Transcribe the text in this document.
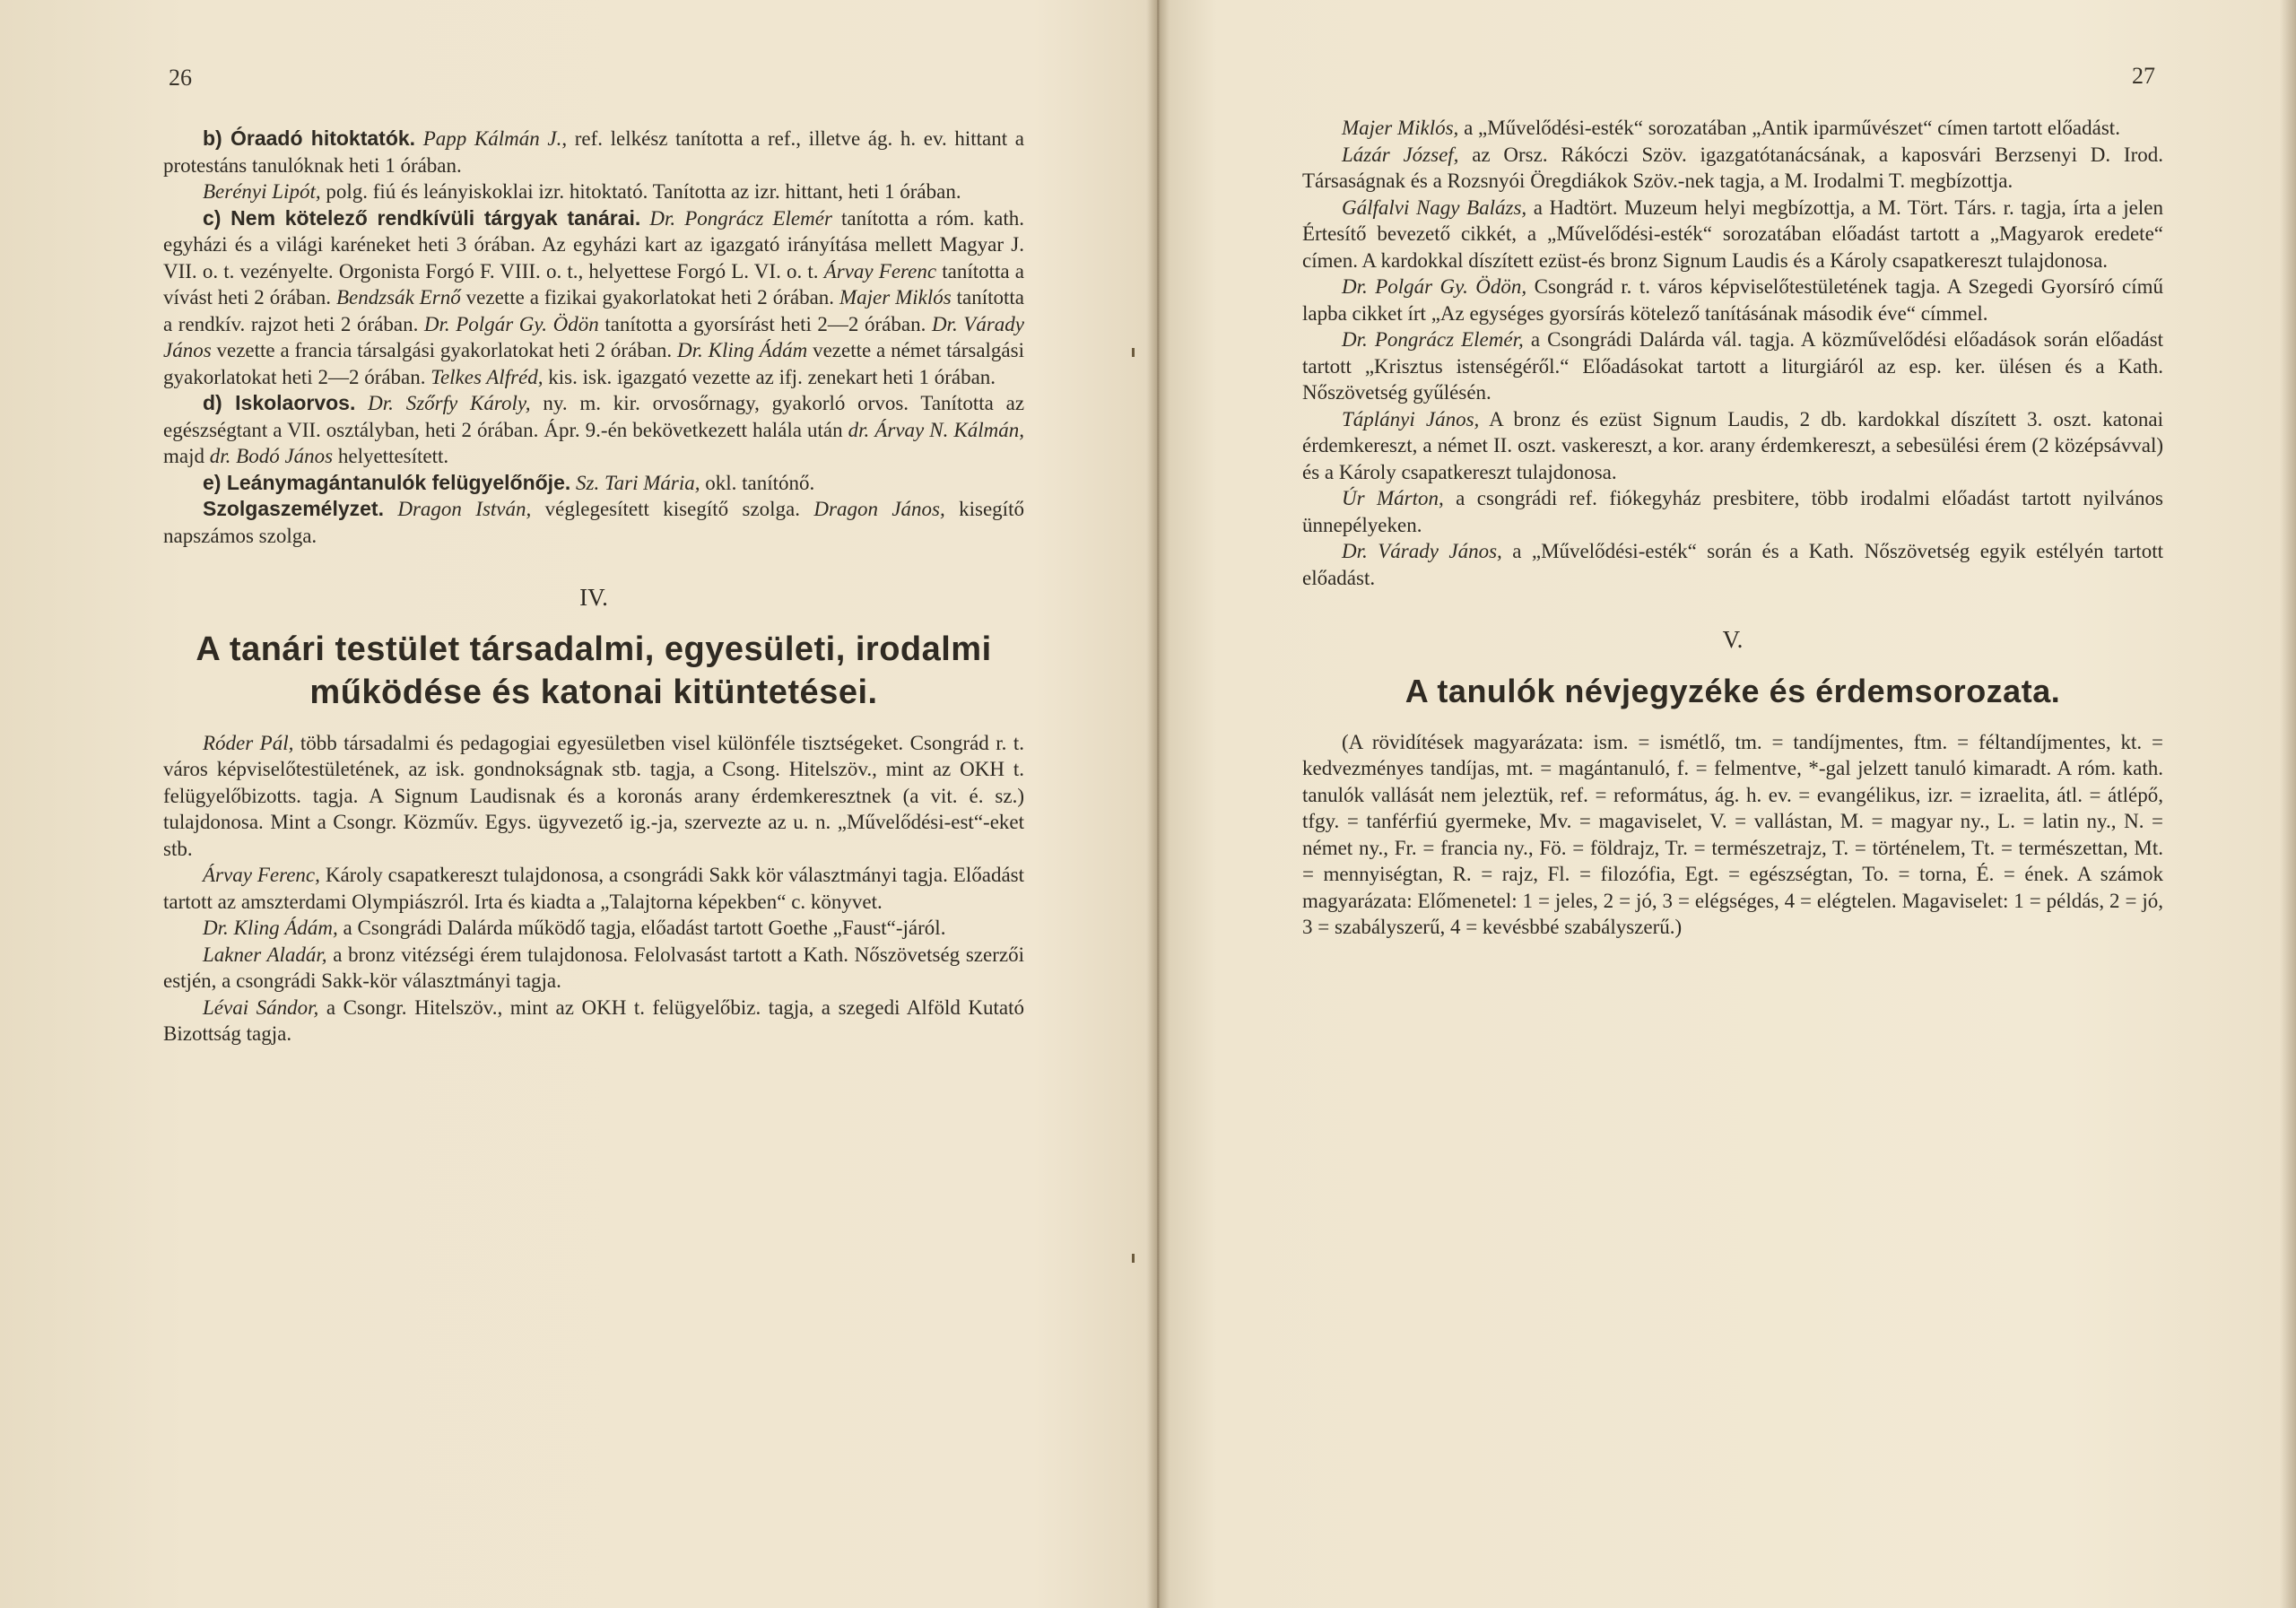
26

b) Óraadó hitoktatók. Papp Kálmán J., ref. lelkész tanította a ref., illetve ág. h. ev. hittant a protestáns tanulóknak heti 1 órában.

Berényi Lipót, polg. fiú és leányiskoklai izr. hitoktató. Tanította az izr. hittant, heti 1 órában.

c) Nem kötelező rendkívüli tárgyak tanárai. Dr. Pongrácz Elemér tanította a róm. kath. egyházi és a világi karéneket heti 3 órában. Az egyházi kart az igazgató irányítása mellett Magyar J. VII. o. t. vezényelte. Orgonista Forgó F. VIII. o. t., helyettese Forgó L. VI. o. t. Árvay Ferenc tanította a vívást heti 2 órában. Bendzsák Ernő vezette a fizikai gyakorlatokat heti 2 órában. Majer Miklós tanította a rendkív. rajzot heti 2 órában. Dr. Polgár Gy. Ödön tanította a gyorsírást heti 2—2 órában. Dr. Várady János vezette a francia társalgási gyakorlatokat heti 2 órában. Dr. Kling Ádám vezette a német társalgási gyakorlatokat heti 2—2 órában. Telkes Alfréd, kis. isk. igazgató vezette az ifj. zenekart heti 1 órában.

d) Iskolaorvos. Dr. Szőrfy Károly, ny. m. kir. orvosőrnagy, gyakorló orvos. Tanította az egészségtant a VII. osztályban, heti 2 órában. Ápr. 9.-én bekövetkezett halála után dr. Árvay N. Kálmán, majd dr. Bodó János helyettesített.

e) Leánymagántanulók felügyelőnője. Sz. Tari Mária, okl. tanítónő.

Szolgaszemélyzet. Dragon István, véglegesített kisegítő szolga. Dragon János, kisegítő napszámos szolga.

IV.

A tanári testület társadalmi, egyesületi, irodalmi működése és katonai kitüntetései.

Róder Pál, több társadalmi és pedagogiai egyesületben visel különféle tisztségeket. Csongrád r. t. város képviselőtestületének, az isk. gondnokságnak stb. tagja, a Csong. Hitelszöv., mint az OKH t. felügyelőbizotts. tagja. A Signum Laudisnak és a koronás arany érdemkeresztnek (a vit. é. sz.) tulajdonosa. Mint a Csongr. Közműv. Egys. ügyvezető ig.-ja, szervezte az u. n. „Művelődési-est“-eket stb.

Árvay Ferenc, Károly csapatkereszt tulajdonosa, a csongrádi Sakk kör választmányi tagja. Előadást tartott az amszterdami Olympiászról. Irta és kiadta a „Talajtorna képekben“ c. könyvet.

Dr. Kling Ádám, a Csongrádi Dalárda működő tagja, előadást tartott Goethe „Faust“-járól.

Lakner Aladár, a bronz vitézségi érem tulajdonosa. Felolvasást tartott a Kath. Nőszövetség szerzői estjén, a csongrádi Sakk-kör választmányi tagja.

Lévai Sándor, a Csongr. Hitelszöv., mint az OKH t. felügyelőbiz. tagja, a szegedi Alföld Kutató Bizottság tagja.

27

Majer Miklós, a „Művelődési-esték“ sorozatában „Antik iparművészet“ címen tartott előadást.

Lázár József, az Orsz. Rákóczi Szöv. igazgatótanácsának, a kaposvári Berzsenyi D. Irod. Társaságnak és a Rozsnyói Öregdiákok Szöv.-nek tagja, a M. Irodalmi T. megbízottja.

Gálfalvi Nagy Balázs, a Hadtört. Muzeum helyi megbízottja, a M. Tört. Társ. r. tagja, írta a jelen Értesítő bevezető cikkét, a „Művelődési-esték“ sorozatában előadást tartott a „Magyarok eredete“ címen. A kardokkal díszített ezüst-és bronz Signum Laudis és a Károly csapatkereszt tulajdonosa.

Dr. Polgár Gy. Ödön, Csongrád r. t. város képviselőtestületének tagja. A Szegedi Gyorsíró című lapba cikket írt „Az egységes gyorsírás kötelező tanításának második éve“ címmel.

Dr. Pongrácz Elemér, a Csongrádi Dalárda vál. tagja. A közművelődési előadások során előadást tartott „Krisztus istenségéről.“ Előadásokat tartott a liturgiáról az esp. ker. ülésen és a Kath. Nőszövetség gyűlésén.

Táplányi János, A bronz és ezüst Signum Laudis, 2 db. kardokkal díszített 3. oszt. katonai érdemkereszt, a német II. oszt. vaskereszt, a kor. arany érdemkereszt, a sebesülési érem (2 középsávval) és a Károly csapatkereszt tulajdonosa.

Úr Márton, a csongrádi ref. fiókegyház presbitere, több irodalmi előadást tartott nyilvános ünnepélyeken.

Dr. Várady János, a „Művelődési-esték“ során és a Kath. Nőszövetség egyik estélyén tartott előadást.

V.

A tanulók névjegyzéke és érdemsorozata.

(A rövidítések magyarázata: ism. = ismétlő, tm. = tandíjmentes, ftm. = féltandíjmentes, kt. = kedvezményes tandíjas, mt. = magántanuló, f. = felmentve, *-gal jelzett tanuló kimaradt. A róm. kath. tanulók vallását nem jeleztük, ref. = református, ág. h. ev. = evangélikus, izr. = izraelita, átl. = átlépő, tfgy. = tanférfiú gyermeke, Mv. = magaviselet, V. = vallástan, M. = magyar ny., L. = latin ny., N. = német ny., Fr. = francia ny., Fö. = földrajz, Tr. = természetrajz, T. = történelem, Tt. = természettan, Mt. = mennyiségtan, R. = rajz, Fl. = filozófia, Egt. = egészségtan, To. = torna, É. = ének. A számok magyarázata: Előmenetel: 1 = jeles, 2 = jó, 3 = elégséges, 4 = elégtelen. Magaviselet: 1 = példás, 2 = jó, 3 = szabályszerű, 4 = kevésbbé szabályszerű.)
